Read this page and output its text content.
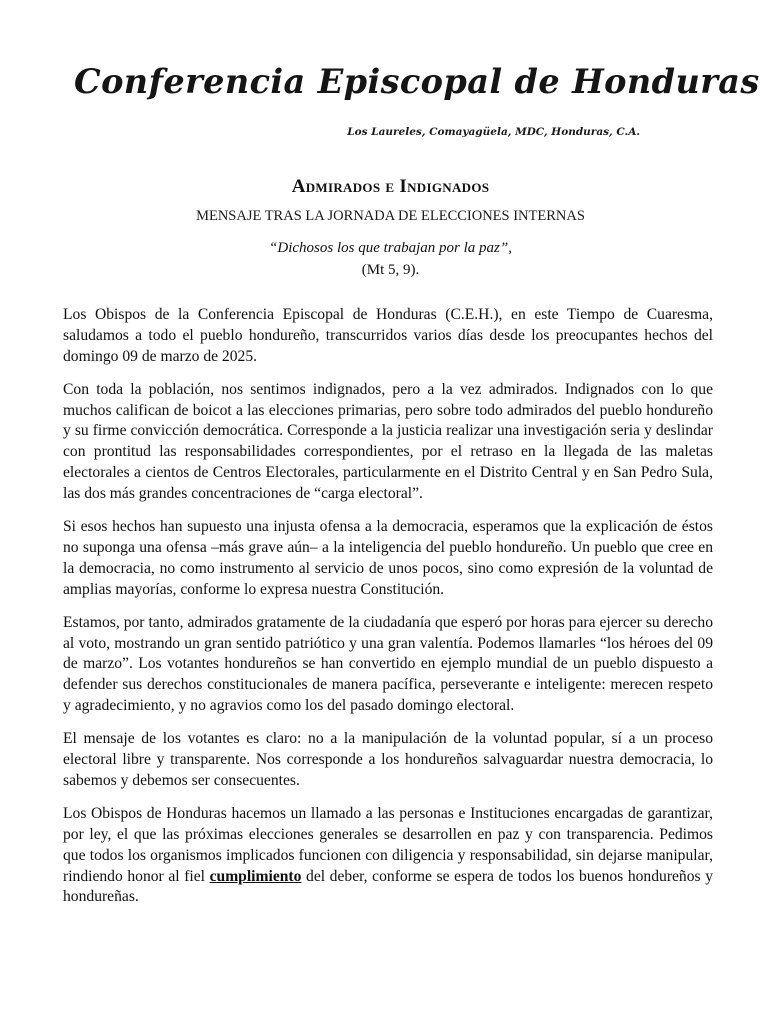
Conferencia Episcopal de Honduras
Los Laureles, Comayagüela, MDC, Honduras, C.A.
Admirados e Indignados
MENSAJE TRAS LA JORNADA DE ELECCIONES INTERNAS
“Dichosos los que trabajan por la paz”,
(Mt 5, 9).

Los Obispos de la Conferencia Episcopal de Honduras (C.E.H.), en este Tiempo de Cuaresma, saludamos a todo el pueblo hondureño, transcurridos varios días desde los preocupantes hechos del domingo 09 de marzo de 2025.

Con toda la población, nos sentimos indignados, pero a la vez admirados. Indignados con lo que muchos califican de boicot a las elecciones primarias, pero sobre todo admirados del pueblo hondureño y su firme convicción democrática. Corresponde a la justicia realizar una investigación seria y deslindar con prontitud las responsabilidades correspondientes, por el retraso en la llegada de las maletas electorales a cientos de Centros Electorales, particularmente en el Distrito Central y en San Pedro Sula, las dos más grandes concentraciones de “carga electoral”.

Si esos hechos han supuesto una injusta ofensa a la democracia, esperamos que la explicación de éstos no suponga una ofensa –más grave aún– a la inteligencia del pueblo hondureño. Un pueblo que cree en la democracia, no como instrumento al servicio de unos pocos, sino como expresión de la voluntad de amplias mayorías, conforme lo expresa nuestra Constitución.

Estamos, por tanto, admirados gratamente de la ciudadanía que esperó por horas para ejercer su derecho al voto, mostrando un gran sentido patriótico y una gran valentía. Podemos llamarles “los héroes del 09 de marzo”. Los votantes hondureños se han convertido en ejemplo mundial de un pueblo dispuesto a defender sus derechos constitucionales de manera pacífica, perseverante e inteligente: merecen respeto y agradecimiento, y no agravios como los del pasado domingo electoral.

El mensaje de los votantes es claro: no a la manipulación de la voluntad popular, sí a un proceso electoral libre y transparente. Nos corresponde a los hondureños salvaguardar nuestra democracia, lo sabemos y debemos ser consecuentes.

Los Obispos de Honduras hacemos un llamado a las personas e Instituciones encargadas de garantizar, por ley, el que las próximas elecciones generales se desarrollen en paz y con transparencia. Pedimos que todos los organismos implicados funcionen con diligencia y responsabilidad, sin dejarse manipular, rindiendo honor al fiel cumplimiento del deber, conforme se espera de todos los buenos hondureños y hondureñas.
